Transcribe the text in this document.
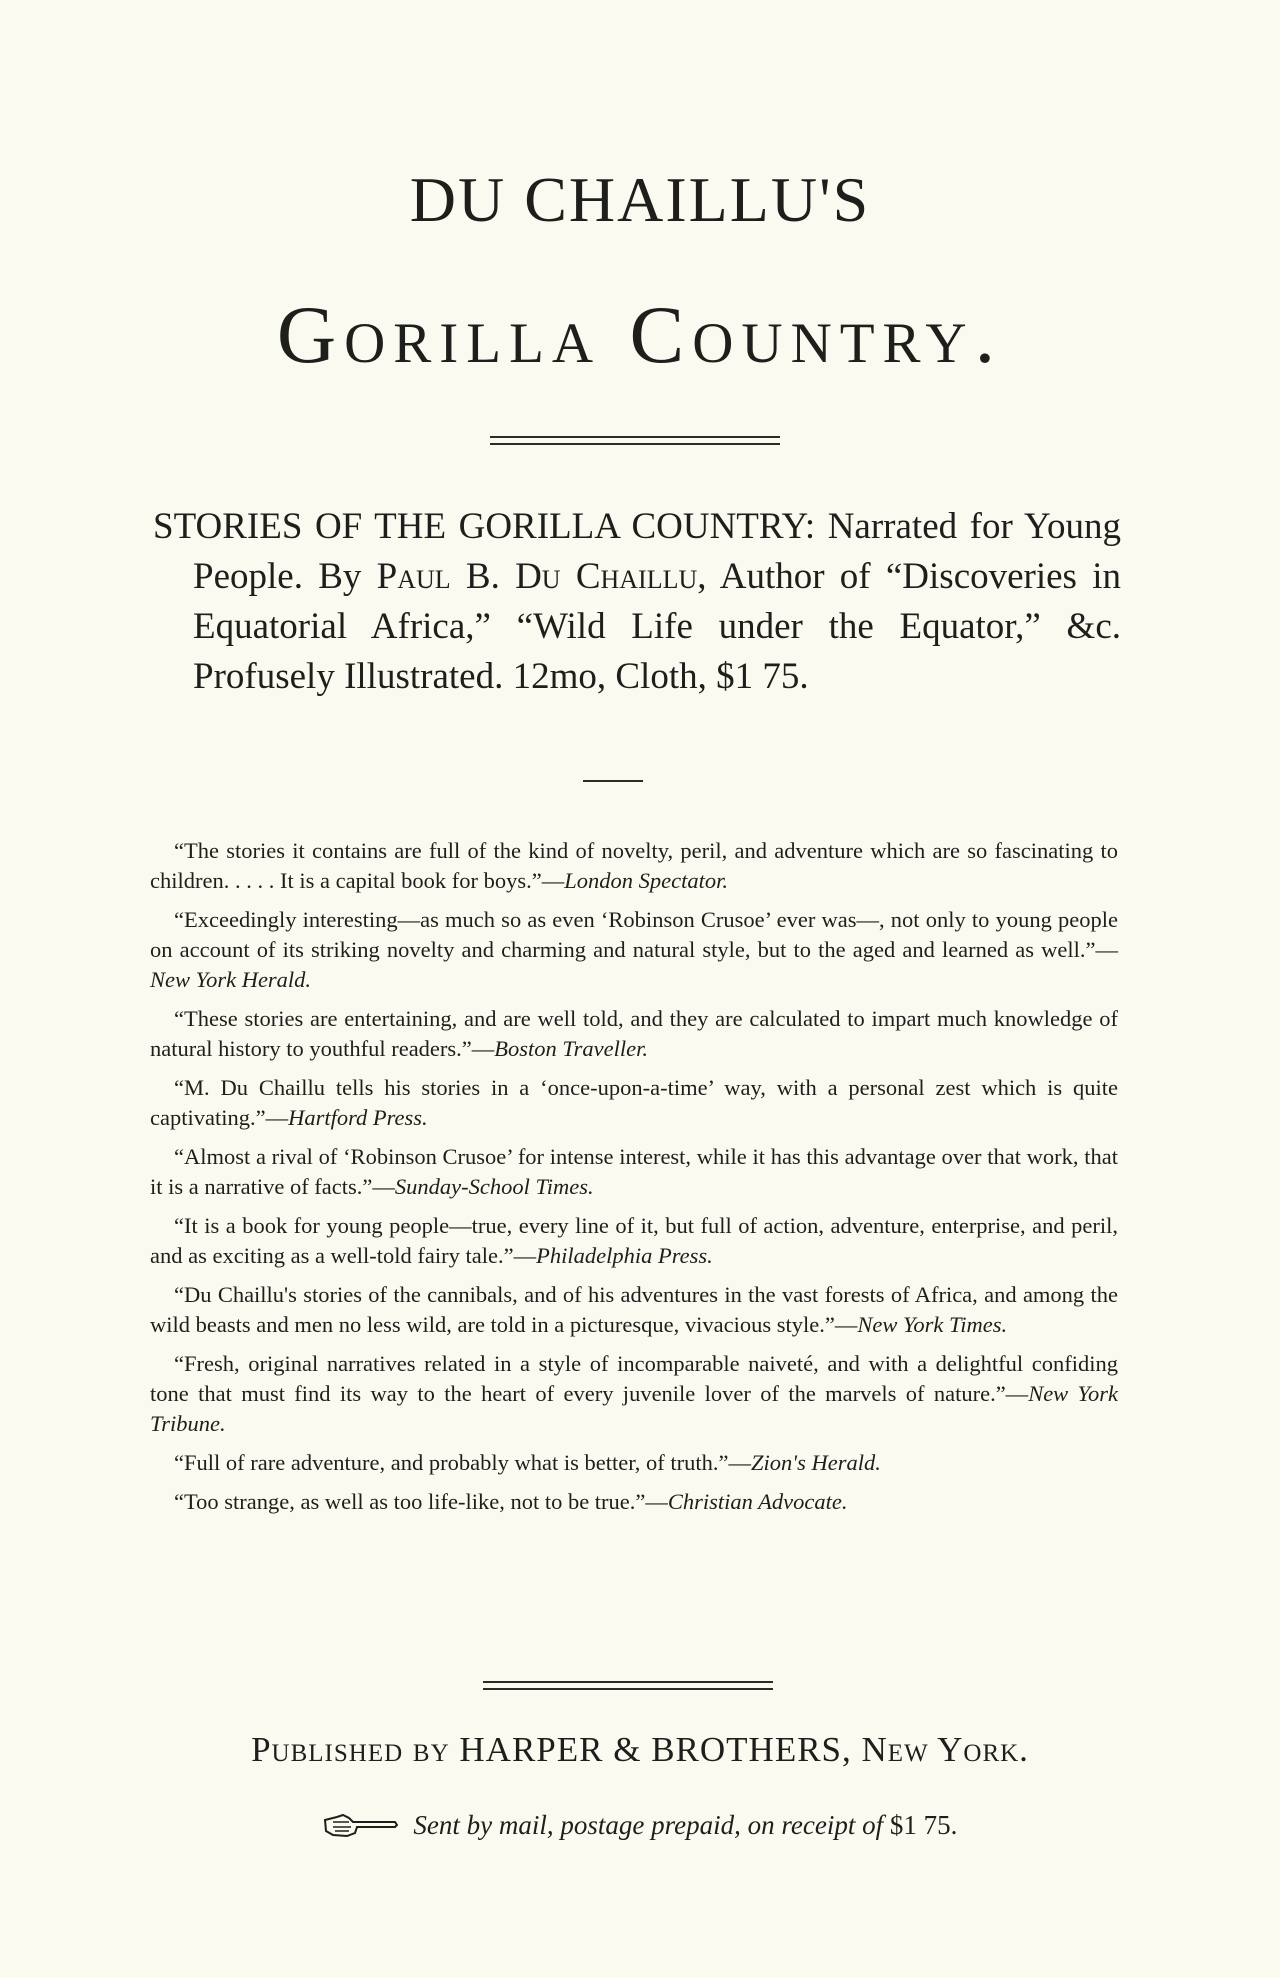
DU CHAILLU'S
Gorilla Country.
STORIES OF THE GORILLA COUNTRY: Narrated for Young People. By Paul B. Du Chaillu, Author of “Discoveries in Equatorial Africa,” “Wild Life under the Equator,” &c. Profusely Illustrated. 12mo, Cloth, $1 75.

“The stories it contains are full of the kind of novelty, peril, and adventure which are so fascinating to children. . . . . It is a capital book for boys.”—London Spectator.

“Exceedingly interesting—as much so as even ‘Robinson Crusoe’ ever was—, not only to young people on account of its striking novelty and charming and natural style, but to the aged and learned as well.”—New York Herald.

“These stories are entertaining, and are well told, and they are calculated to impart much knowledge of natural history to youthful readers.”—Boston Traveller.

“M. Du Chaillu tells his stories in a ‘once-upon-a-time’ way, with a personal zest which is quite captivating.”—Hartford Press.

“Almost a rival of ‘Robinson Crusoe’ for intense interest, while it has this advantage over that work, that it is a narrative of facts.”—Sunday-School Times.

“It is a book for young people—true, every line of it, but full of action, adventure, enterprise, and peril, and as exciting as a well-told fairy tale.”—Philadelphia Press.

“Du Chaillu's stories of the cannibals, and of his adventures in the vast forests of Africa, and among the wild beasts and men no less wild, are told in a picturesque, vivacious style.”—New York Times.

“Fresh, original narratives related in a style of incomparable naiveté, and with a delightful confiding tone that must find its way to the heart of every juvenile lover of the marvels of nature.”—New York Tribune.

“Full of rare adventure, and probably what is better, of truth.”—Zion's Herald.

“Too strange, as well as too life-like, not to be true.”—Christian Advocate.

Published by HARPER & BROTHERS, New York.
Sent by mail, postage prepaid, on receipt of $1 75.
